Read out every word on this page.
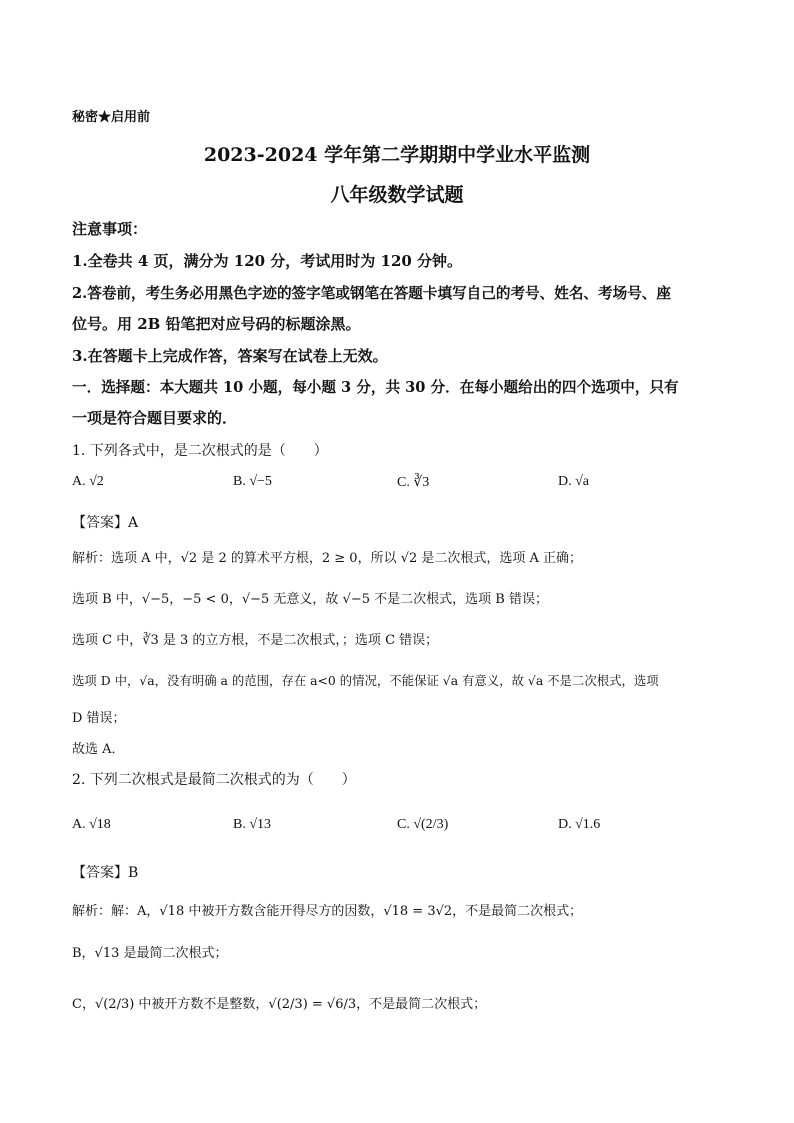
秘密★启用前
2023-2024 学年第二学期期中学业水平监测
八年级数学试题
注意事项：
1.全卷共 4 页，满分为 120 分，考试用时为 120 分钟。
2.答卷前，考生务必用黑色字迹的签字笔或钢笔在答题卡填写自己的考号、姓名、考场号、座
位号。用 2B 铅笔把对应号码的标题涂黑。
3.在答题卡上完成作答，答案写在试卷上无效。
一．选择题：本大题共 10 小题，每小题 3 分，共 30 分．在每小题给出的四个选项中，只有
一项是符合题目要求的．
1. 下列各式中，是二次根式的是（　　）
A. √2	B. √−5	C. ∛3	D. √a
【答案】A
解析：选项 A 中，√2 是 2 的算术平方根，2 ≥ 0，所以 √2 是二次根式，选项 A 正确；
选项 B 中，√−5，−5 < 0，√−5 无意义，故 √−5 不是二次根式，选项 B 错误；
选项 C 中，∛3 是 3 的立方根，不是二次根式，；选项 C 错误；
选项 D 中，√a，没有明确 a 的范围，存在 a<0 的情况，不能保证 √a 有意义，故 √a 不是二次根式，选项
D 错误；
故选 A．
2. 下列二次根式是最简二次根式的为（　　）
A. √18	B. √13	C. √(2/3)	D. √1.6
【答案】B
解析：解：A，√18 中被开方数含能开得尽方的因数，√18 = 3√2，不是最简二次根式；
B，√13 是最简二次根式；
C，√(2/3) 中被开方数不是整数，√(2/3) = √6/3，不是最简二次根式；
